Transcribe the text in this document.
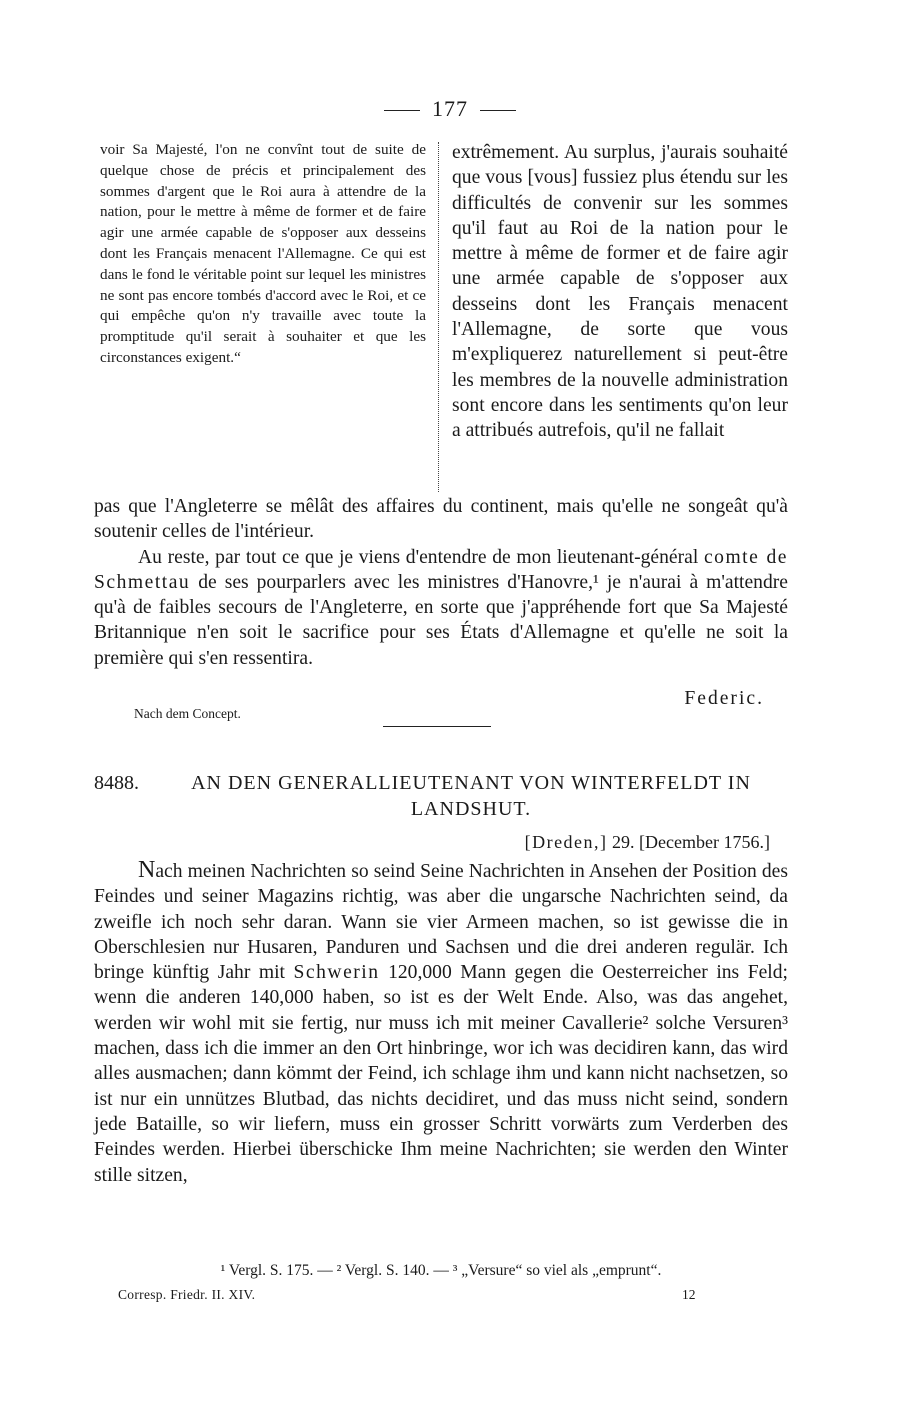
177

voir Sa Majesté, l'on ne convînt tout de suite de quelque chose de précis et principalement des sommes d'argent que le Roi aura à attendre de la nation, pour le mettre à même de former et de faire agir une armée capable de s'opposer aux desseins dont les Français menacent l'Allemagne. Ce qui est dans le fond le véritable point sur lequel les ministres ne sont pas encore tombés d'accord avec le Roi, et ce qui empêche qu'on n'y travaille avec toute la promptitude qu'il serait à souhaiter et que les circonstances exigent.“

extrêmement. Au surplus, j'aurais souhaité que vous [vous] fussiez plus étendu sur les difficultés de convenir sur les sommes qu'il faut au Roi de la nation pour le mettre à même de former et de faire agir une armée capable de s'opposer aux desseins dont les Français menacent l'Allemagne, de sorte que vous m'expliquerez naturellement si peut-être les membres de la nouvelle administration sont encore dans les sentiments qu'on leur a attribués autrefois, qu'il ne fallait

pas que l'Angleterre se mêlât des affaires du continent, mais qu'elle ne songeât qu'à soutenir celles de l'intérieur.

Au reste, par tout ce que je viens d'entendre de mon lieutenant-général comte de Schmettau de ses pourparlers avec les ministres d'Hanovre,¹ je n'aurai à m'attendre qu'à de faibles secours de l'Angleterre, en sorte que j'appréhende fort que Sa Majesté Britannique n'en soit le sacrifice pour ses États d'Allemagne et qu'elle ne soit la première qui s'en ressentira.

Federic.
Nach dem Concept.
8488.	AN DEN GENERALLIEUTENANT VON WINTERFELDT IN LANDSHUT.
[Dreden,] 29. [December 1756.]

Nach meinen Nachrichten so seind Seine Nachrichten in Ansehen der Position des Feindes und seiner Magazins richtig, was aber die ungarsche Nachrichten seind, da zweifle ich noch sehr daran. Wann sie vier Armeen machen, so ist gewisse die in Oberschlesien nur Husaren, Panduren und Sachsen und die drei anderen regulär. Ich bringe künftig Jahr mit Schwerin 120,000 Mann gegen die Oesterreicher ins Feld; wenn die anderen 140,000 haben, so ist es der Welt Ende. Also, was das angehet, werden wir wohl mit sie fertig, nur muss ich mit meiner Cavallerie² solche Versuren³ machen, dass ich die immer an den Ort hinbringe, wor ich was decidiren kann, das wird alles ausmachen; dann kömmt der Feind, ich schlage ihm und kann nicht nachsetzen, so ist nur ein unnützes Blutbad, das nichts decidiret, und das muss nicht seind, sondern jede Bataille, so wir liefern, muss ein grosser Schritt vorwärts zum Verderben des Feindes werden. Hierbei überschicke Ihm meine Nachrichten; sie werden den Winter stille sitzen,

¹ Vergl. S. 175. — ² Vergl. S. 140. — ³ „Versure“ so viel als „emprunt“.
Corresp. Friedr. II. XIV.	12
